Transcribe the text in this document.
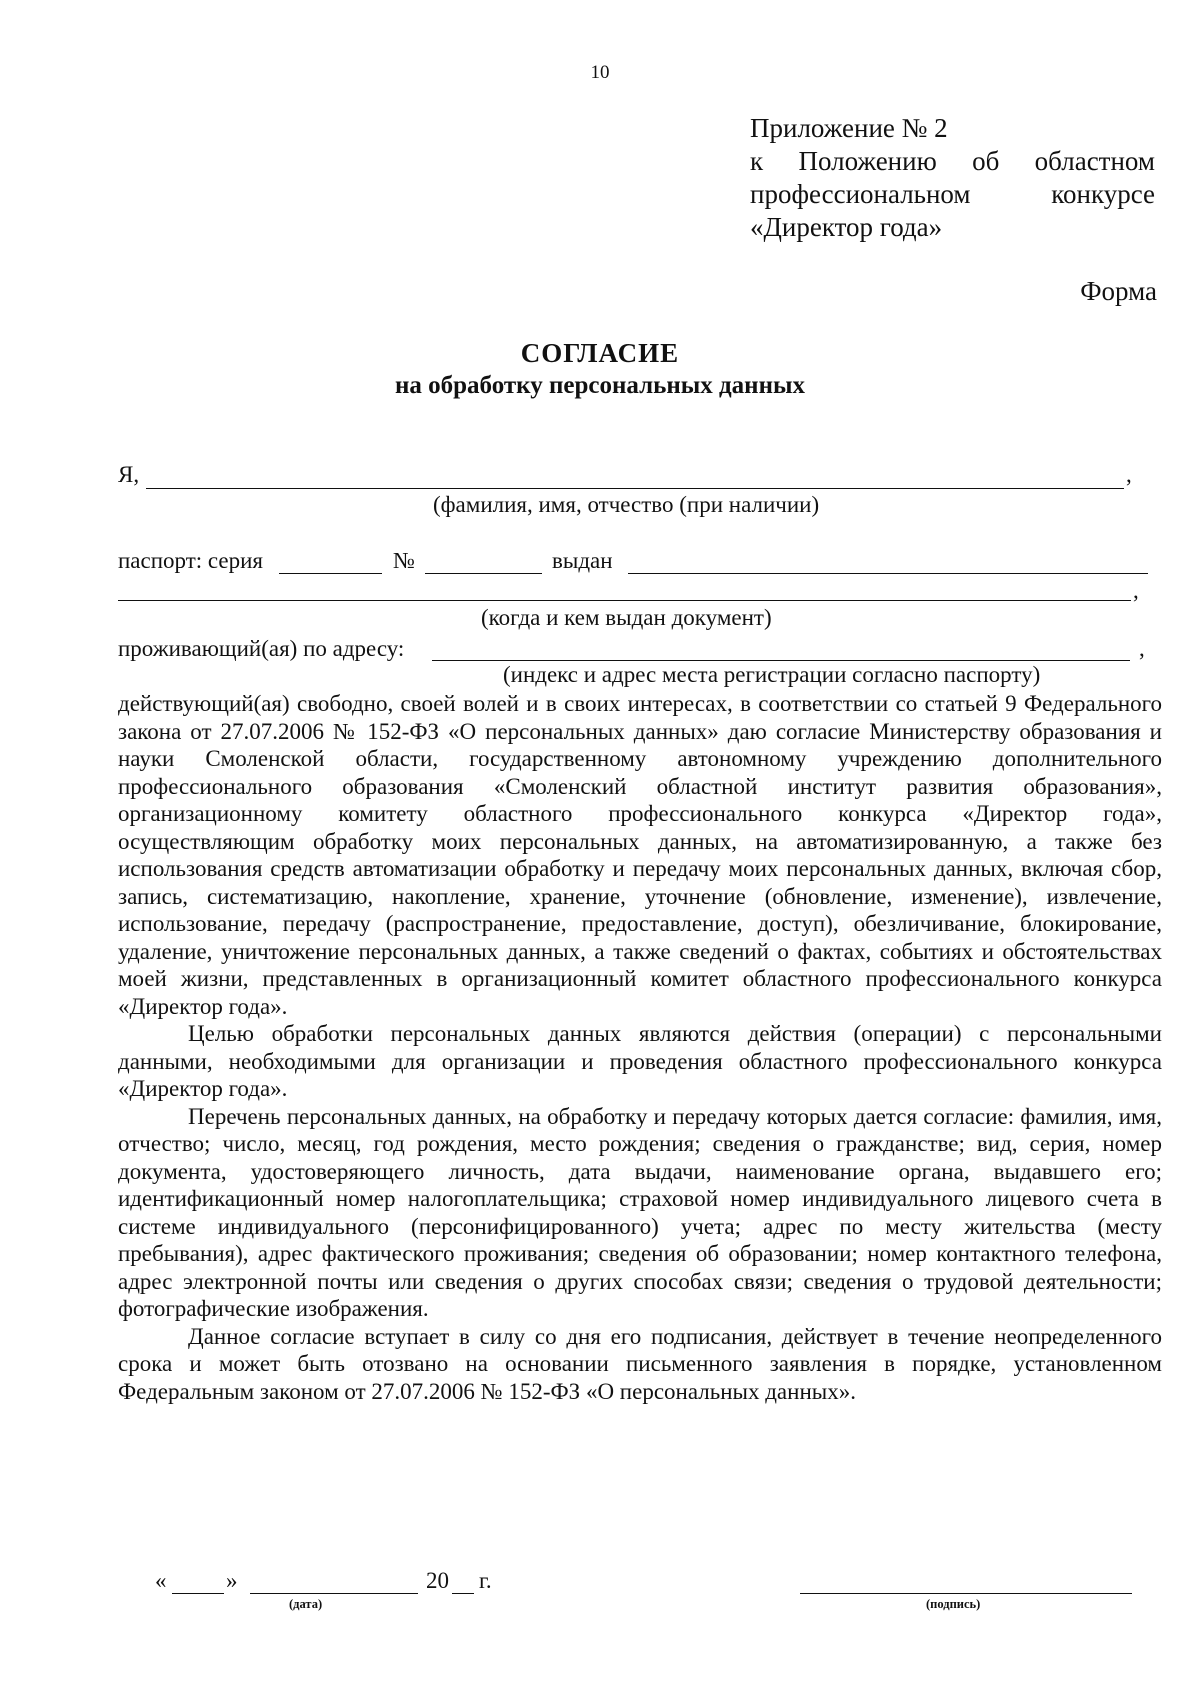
10
Приложение № 2
к Положению об областном
профессиональном конкурсе
«Директор года»
Форма
СОГЛАСИЕ
на обработку персональных данных
Я,	,
(фамилия, имя, отчество (при наличии)
паспорт: серия	№	выдан
,
(когда и кем выдан документ)
проживающий(ая) по адресу:	,
(индекс и адрес места регистрации согласно паспорту)

действующий(ая) свободно, своей волей и в своих интересах, в соответствии со статьей 9 Федерального закона от 27.07.2006 № 152-ФЗ «О персональных данных» даю согласие Министерству образования и науки Смоленской области, государственному автономному учреждению дополнительного профессионального образования «Смоленский областной институт развития образования», организационному комитету областного профессионального конкурса «Директор года», осуществляющим обработку моих персональных данных, на автоматизированную, а также без использования средств автоматизации обработку и передачу моих персональных данных, включая сбор, запись, систематизацию, накопление, хранение, уточнение (обновление, изменение), извлечение, использование, передачу (распространение, предоставление, доступ), обезличивание, блокирование, удаление, уничтожение персональных данных, а также сведений о фактах, событиях и обстоятельствах моей жизни, представленных в организационный комитет областного профессионального конкурса «Директор года».

Целью обработки персональных данных являются действия (операции) с персональными данными, необходимыми для организации и проведения областного профессионального конкурса «Директор года».

Перечень персональных данных, на обработку и передачу которых дается согласие: фамилия, имя, отчество; число, месяц, год рождения, место рождения; сведения о гражданстве; вид, серия, номер документа, удостоверяющего личность, дата выдачи, наименование органа, выдавшего его; идентификационный номер налогоплательщика; страховой номер индивидуального лицевого счета в системе индивидуального (персонифицированного) учета; адрес по месту жительства (месту пребывания), адрес фактического проживания; сведения об образовании; номер контактного телефона, адрес электронной почты или сведения о других способах связи; сведения о трудовой деятельности; фотографические изображения.

Данное согласие вступает в силу со дня его подписания, действует в течение неопределенного срока и может быть отозвано на основании письменного заявления в порядке, установленном Федеральным законом от 27.07.2006 № 152-ФЗ «О персональных данных».

«	»	20 г.
(дата)	(подпись)
